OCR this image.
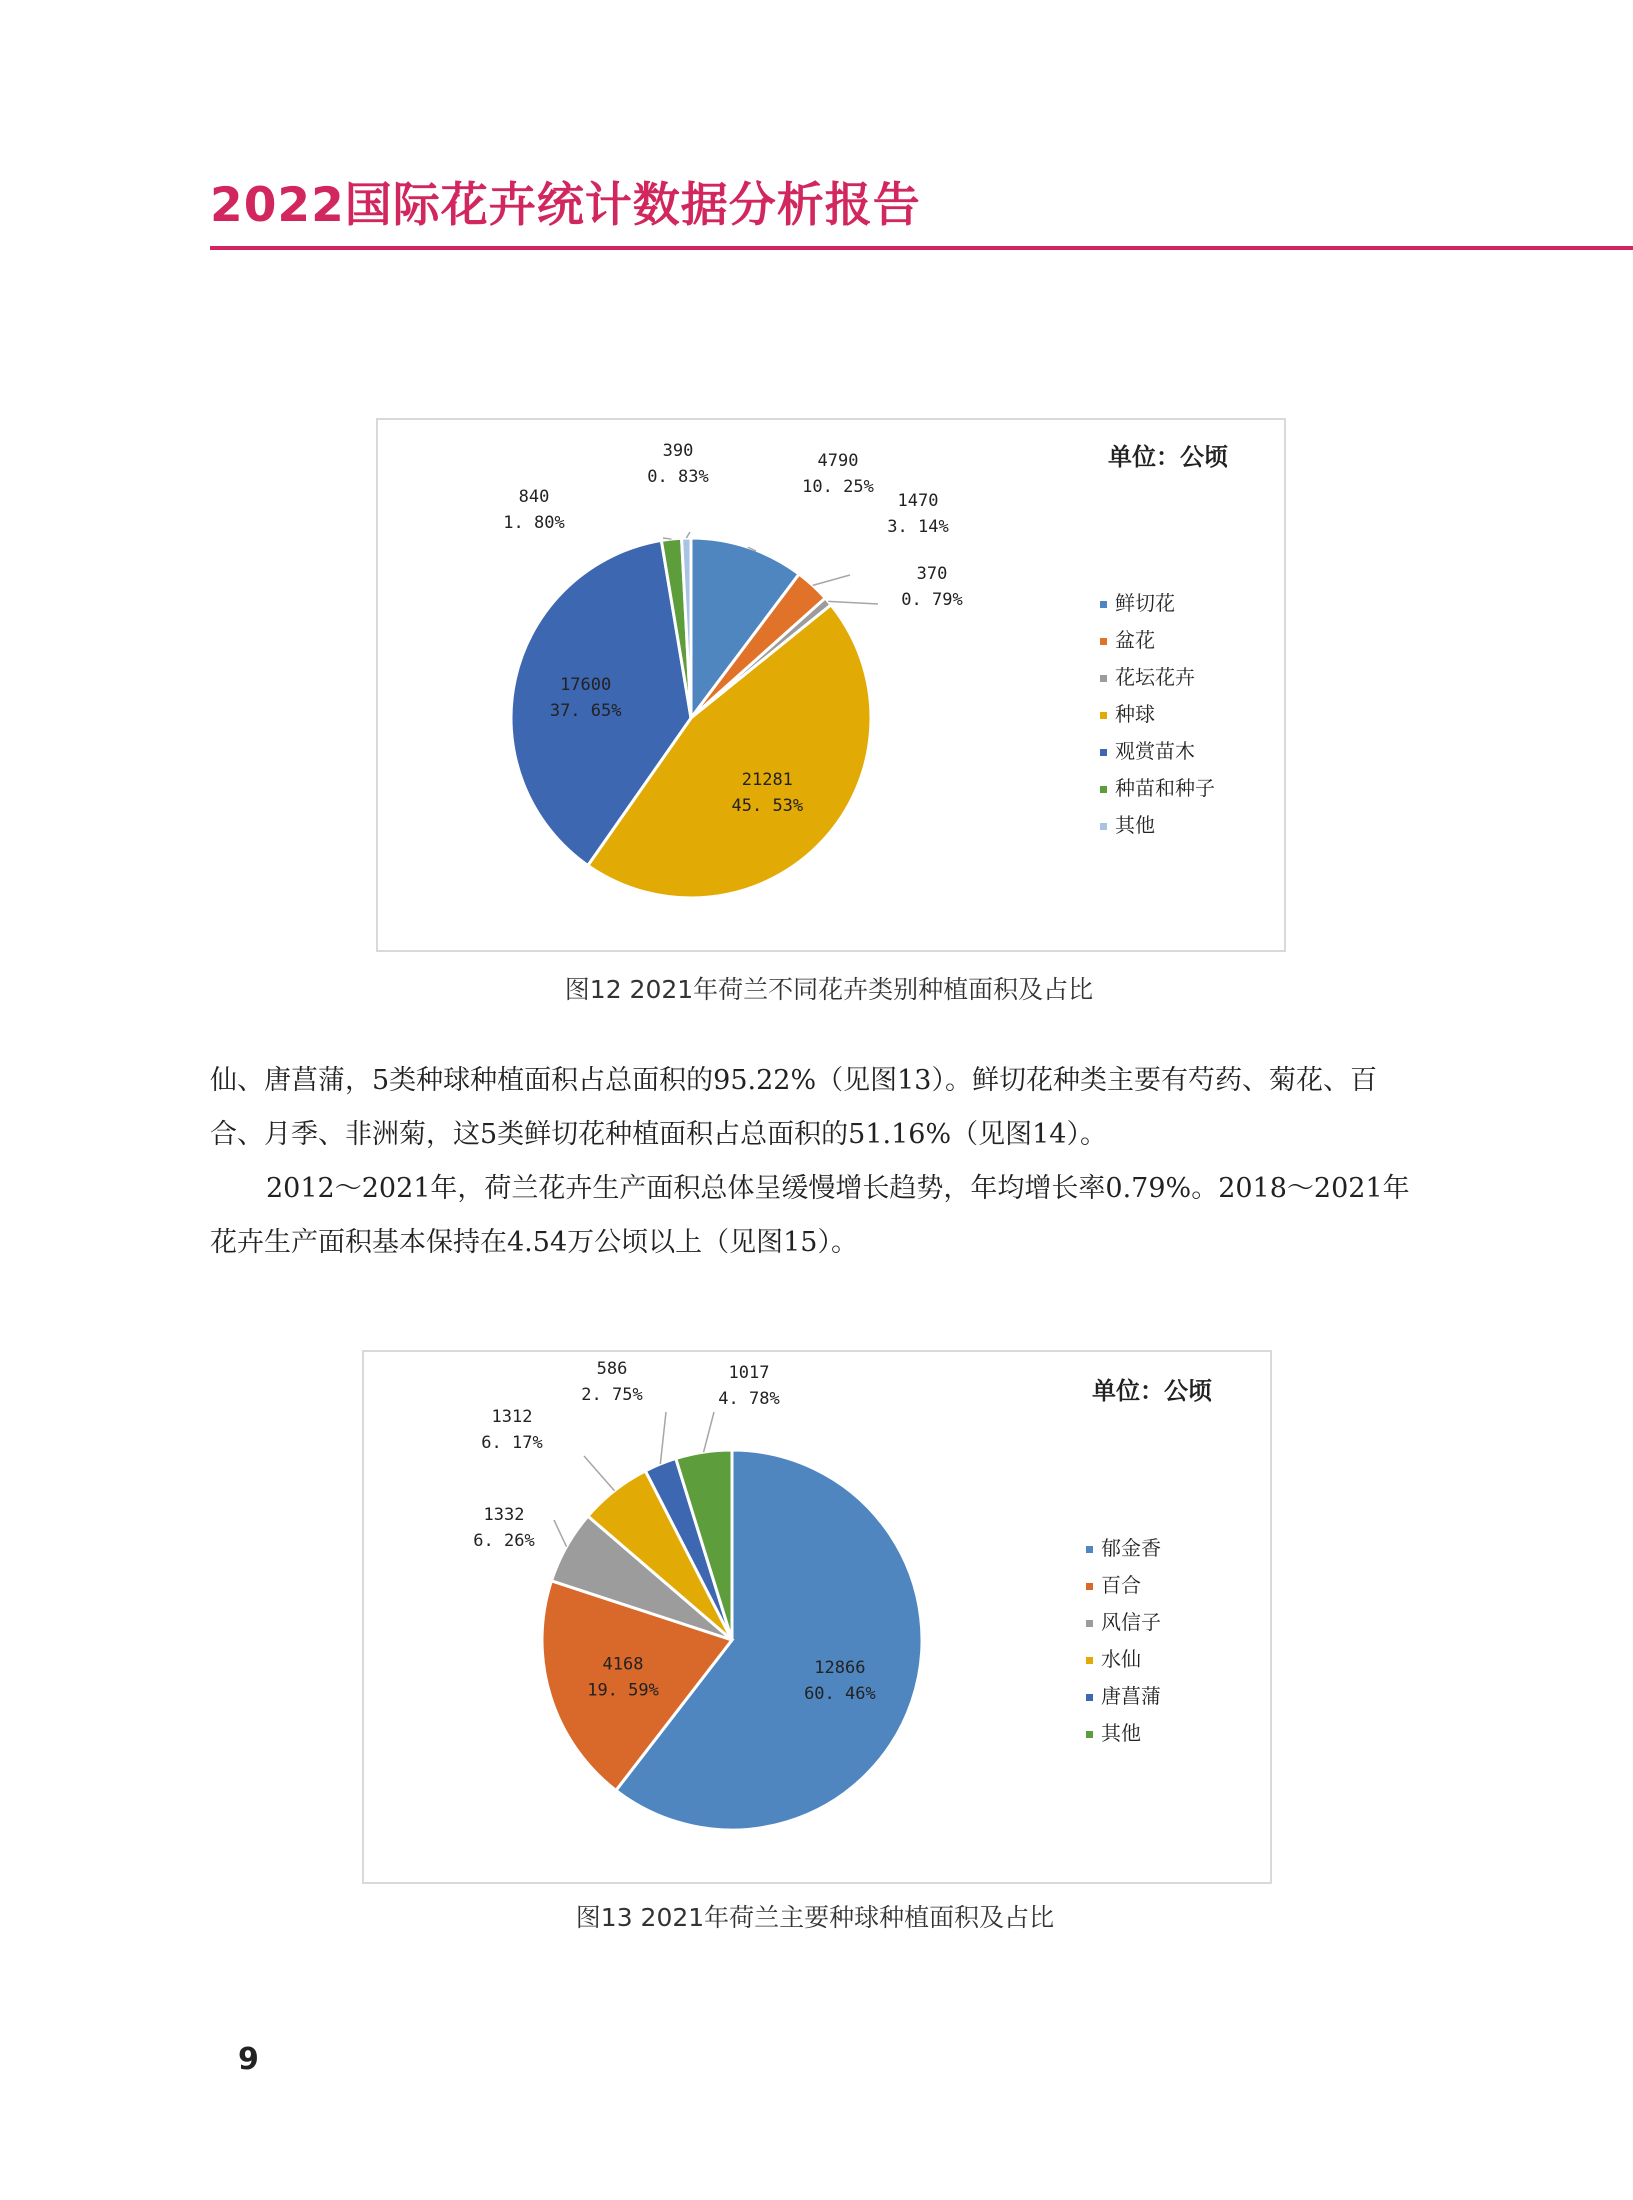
2022国际花卉统计数据分析报告
4790
10. 25%
1470
3. 14%
370
0. 79%
21281
45. 53%
17600
37. 65%
840
1. 80%
390
0. 83%
单位：公顷
鲜切花
盆花
花坛花卉
种球
观赏苗木
种苗和种子
其他
图12 2021年荷兰不同花卉类别种植面积及占比

仙、唐菖蒲，5类种球种植面积占总面积的95.22%（见图13）。鲜切花种类主要有芍药、菊花、百合、月季、非洲菊，这5类鲜切花种植面积占总面积的51.16%（见图14）。

2012～2021年，荷兰花卉生产面积总体呈缓慢增长趋势，年均增长率0.79%。2018～2021年花卉生产面积基本保持在4.54万公顷以上（见图15）。

12866
60. 46%
4168
19. 59%
1332
6. 26%
1312
6. 17%
586
2. 75%
1017
4. 78%	单位：公顷
郁金香
百合
风信子
水仙
唐菖蒲
其他
图13 2021年荷兰主要种球种植面积及占比
9
